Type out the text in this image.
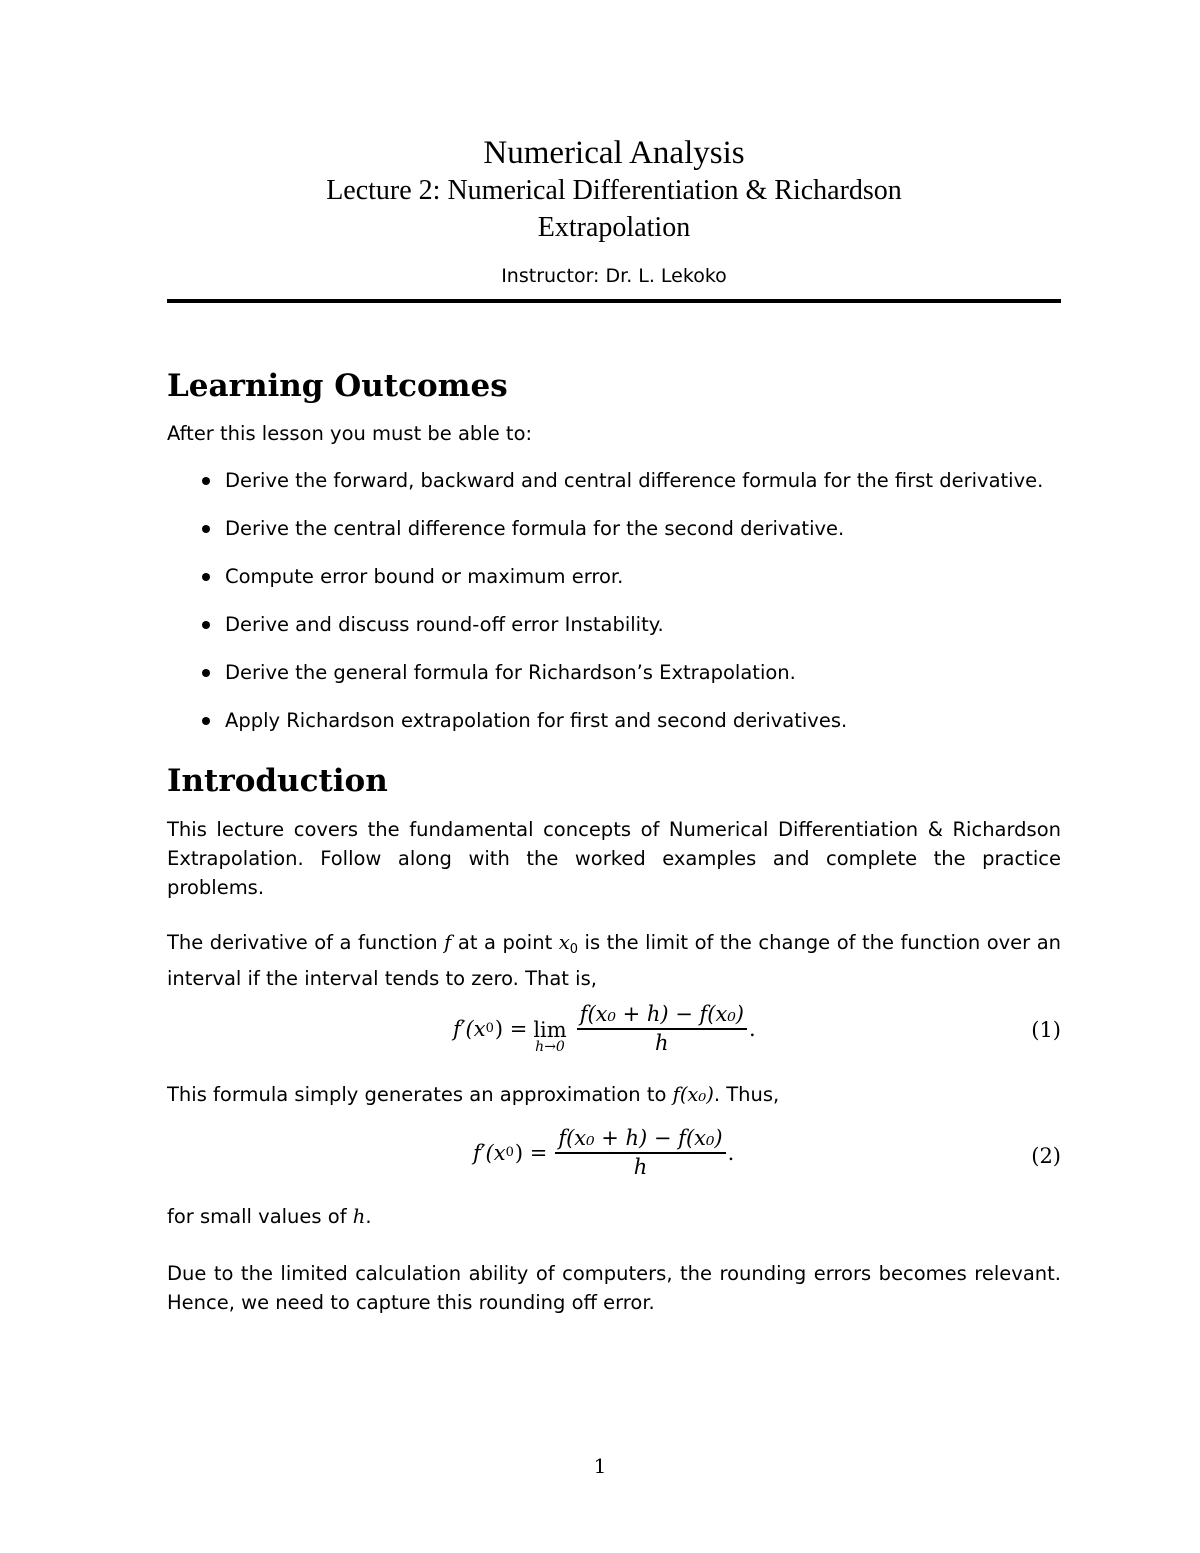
Numerical Analysis
Lecture 2: Numerical Differentiation & Richardson
Extrapolation
Instructor: Dr. L. Lekoko
Learning Outcomes
After this lesson you must be able to:
Derive the forward, backward and central difference formula for the first derivative.
Derive the central difference formula for the second derivative.
Compute error bound or maximum error.
Derive and discuss round-off error Instability.
Derive the general formula for Richardson’s Extrapolation.
Apply Richardson extrapolation for first and second derivatives.
Introduction
This lecture covers the fundamental concepts of Numerical Differentiation & Richardson Extrapolation. Follow along with the worked examples and complete the practice problems.
The derivative of a function f at a point $x_0$ is the limit of the change of the function over an interval if the interval tends to zero. That is,
f′(x 0 ) = lim
$h\to 0 \frac{\text{f(x₀ + h) − f(x₀)}}{h}$ .	(1)
This formula simply generates an approximation to f(x₀). Thus,
f′(x 0 ) = $\frac{\text{f(x₀ + h) − f(x₀)}}{h}$ .	(2)
for small values of h.
Due to the limited calculation ability of computers, the rounding errors becomes relevant. Hence, we need to capture this rounding off error.
1
